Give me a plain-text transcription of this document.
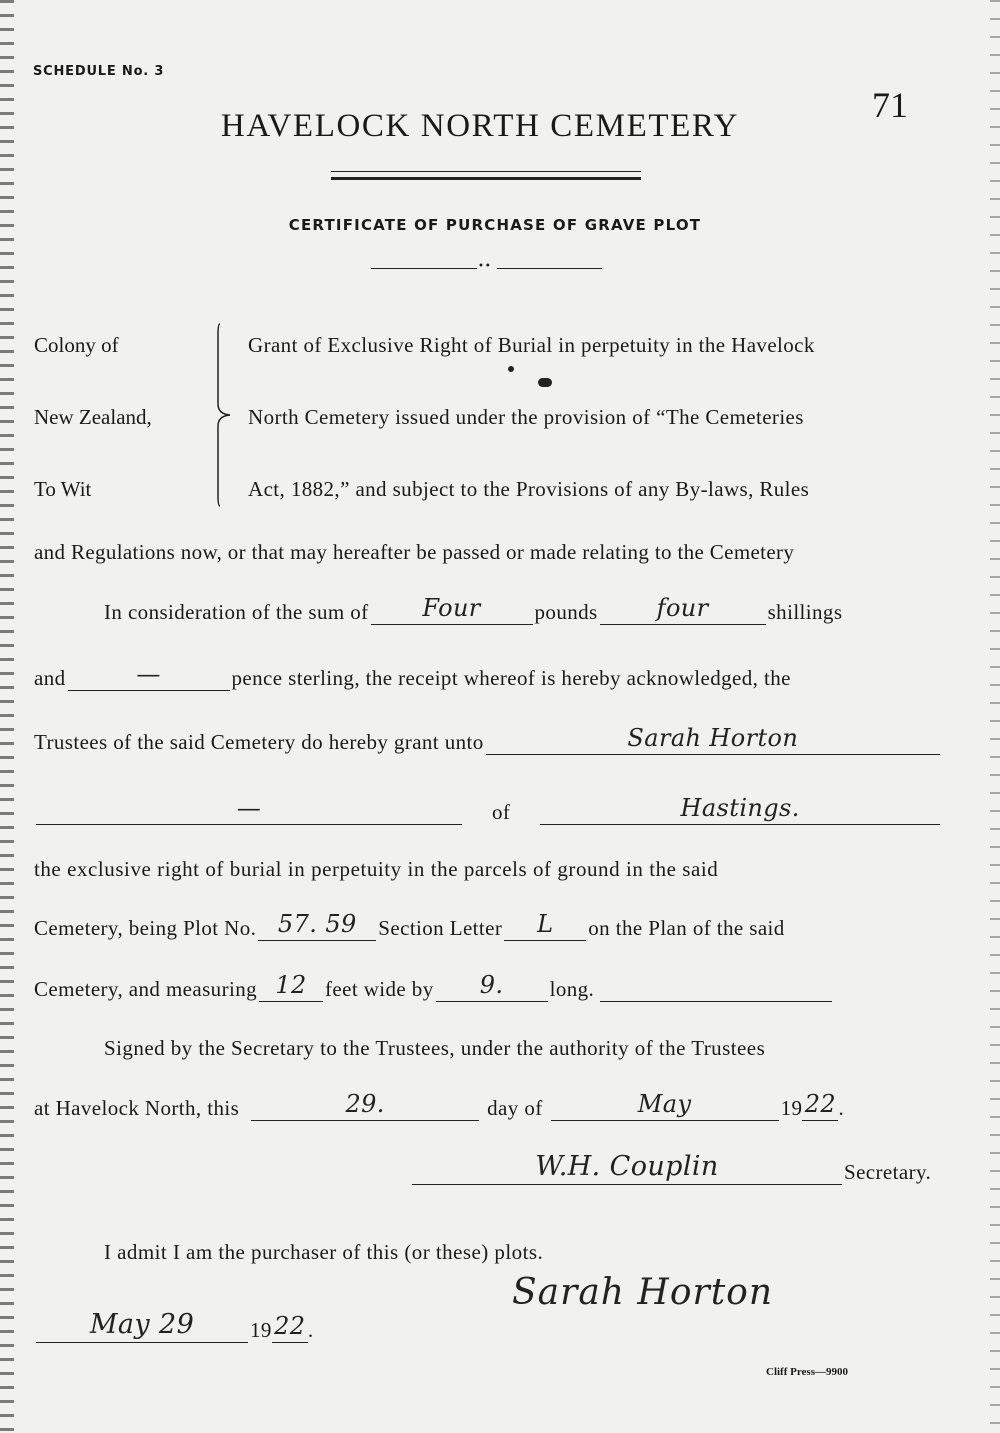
SCHEDULE No. 3
71
HAVELOCK NORTH CEMETERY
CERTIFICATE OF PURCHASE OF GRAVE PLOT
••
Colony of
New Zealand,
To Wit
Grant of Exclusive Right of Burial in perpetuity in the Havelock
North Cemetery issued under the provision of “The Cemeteries
Act, 1882,” and subject to the Provisions of any By-laws, Rules
and Regulations now, or that may hereafter be passed or made relating to the Cemetery
In consideration of the sum of	Four	pounds	four	shillings
and	—	pence sterling, the receipt whereof is hereby acknowledged, the
Trustees of the said Cemetery do hereby grant unto	Sarah Horton
—	of	Hastings.
the exclusive right of burial in perpetuity in the parcels of ground in the said
Cemetery, being Plot No. 57. 59	Section Letter	L	on the Plan of the said
Cemetery, and measuring 12 feet wide by	9.	long.
Signed by the Secretary to the Trustees, under the authority of the Trustees
at Havelock North, this	29.	day of	May	19 22 .
W.H. Couplin	Secretary.
I admit I am the purchaser of this (or these) plots.
May 29	19 22 .
Sarah Horton
Cliff Press—9900
